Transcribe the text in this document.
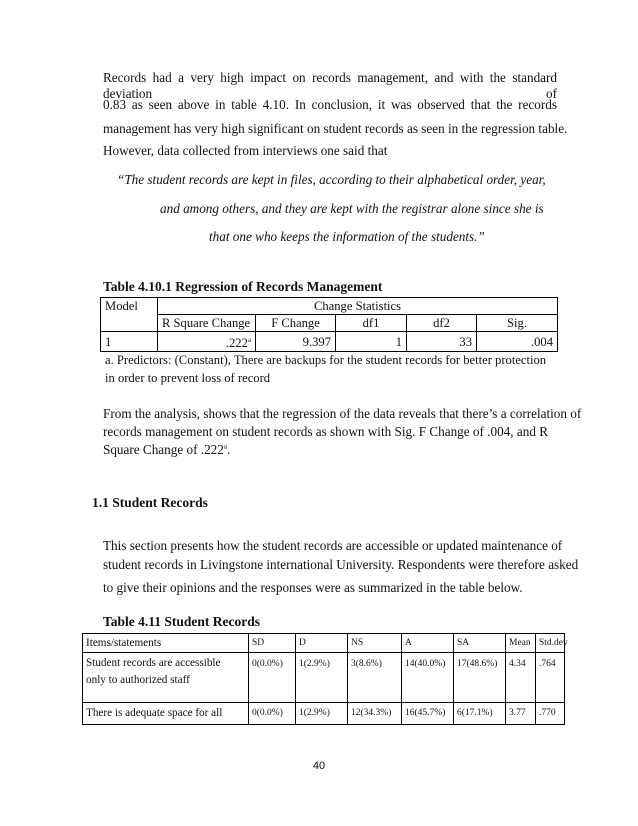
Records had a very high impact on records management, and with the standard deviation of
0.83 as seen above in table 4.10. In conclusion, it was observed that the records
management has very high significant on student records as seen in the regression table.
However, data collected from interviews one said that
“The student records are kept in files, according to their alphabetical order, year,
and among others, and they are kept with the registrar alone since she is
that one who keeps the information of the students.”
Table 4.10.1 Regression of Records Management
Model	Change Statistics				
	R Square Change	F Change	df1	df2	Sig.
1	.222$^a$	9.397	1	33	.004
a. Predictors: (Constant), There are backups for the student records for better protection
in order to prevent loss of record
From the analysis, shows that the regression of the data reveals that there’s a correlation of
records management on student records as shown with Sig. F Change of .004, and R
Square Change of .222$^a$.
1.1 Student Records
This section presents how the student records are accessible or updated maintenance of
student records in Livingstone international University. Respondents were therefore asked
to give their opinions and the responses were as summarized in the table below.
Table 4.11 Student Records
Items/statements	SD	D	NS	A	SA	Mean	Std.dev

Student records are accessible
only to authorized staff	0(0.0%)	1(2.9%)	3(8.6%)	14(40.0%)	17(48.6%)	4.34	.764
There is adequate space for all	0(0.0%)	1(2.9%)	12(34.3%)	16(45.7%)	6(17.1%)	3.77	.770
40
